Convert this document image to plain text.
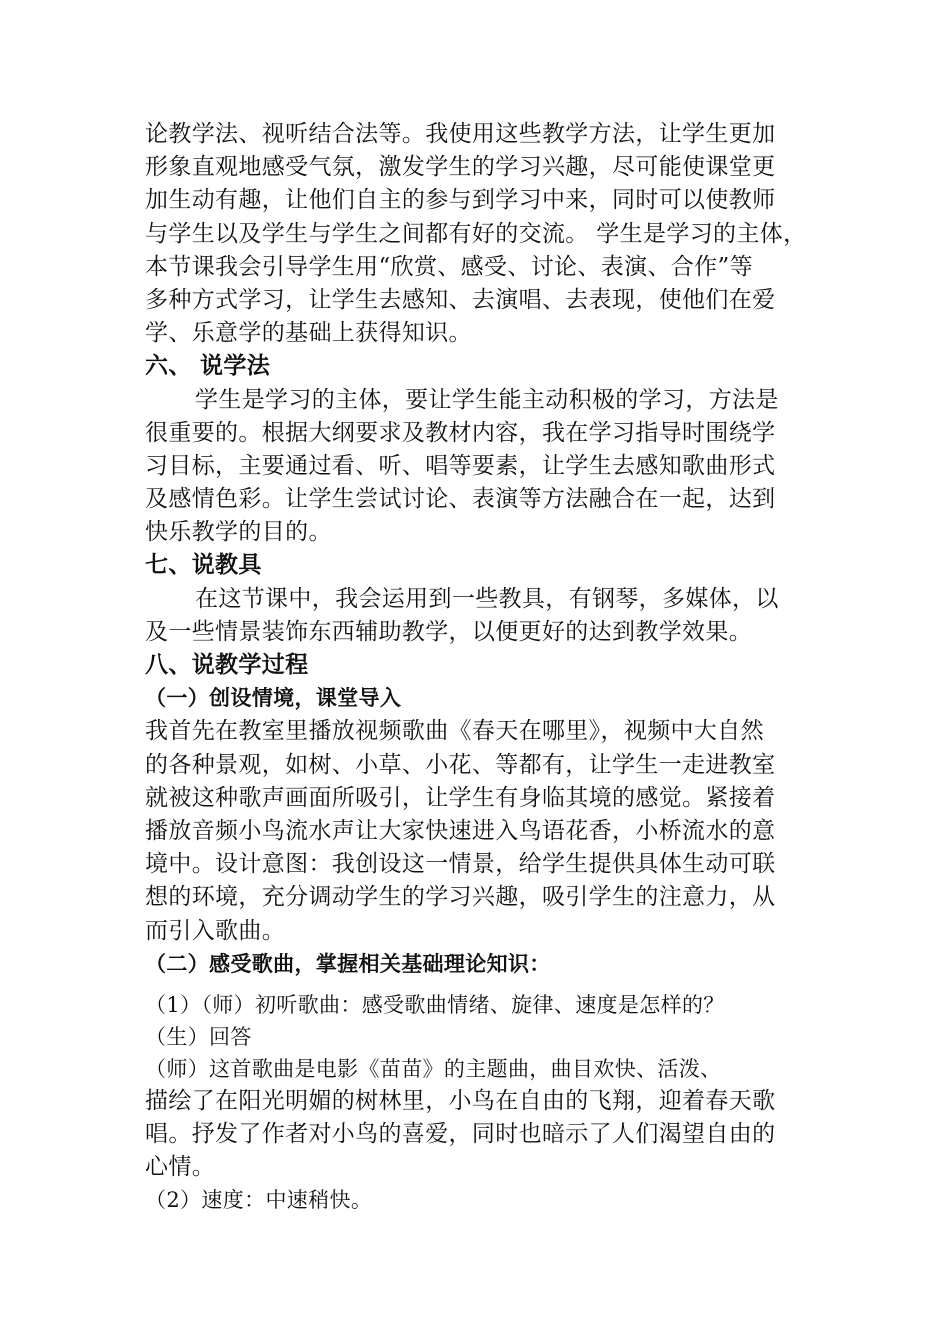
论教学法、视听结合法等。我使用这些教学方法，让学生更加
形象直观地感受气氛，激发学生的学习兴趣，尽可能使课堂更
加生动有趣，让他们自主的参与到学习中来，同时可以使教师
与学生以及学生与学生之间都有好的交流。 学生是学习的主体，
本节课我会引导学生用“欣赏、感受、讨论、表演、合作”等
多种方式学习，让学生去感知、去演唱、去表现，使他们在爱
学、乐意学的基础上获得知识。
六、 说学法
学生是学习的主体，要让学生能主动积极的学习，方法是
很重要的。根据大纲要求及教材内容，我在学习指导时围绕学
习目标，主要通过看、听、唱等要素，让学生去感知歌曲形式
及感情色彩。让学生尝试讨论、表演等方法融合在一起，达到
快乐教学的目的。
七、说教具
在这节课中，我会运用到一些教具，有钢琴，多媒体，以
及一些情景装饰东西辅助教学，以便更好的达到教学效果。
八、说教学过程
（一）创设情境，课堂导入
我首先在教室里播放视频歌曲《春天在哪里》，视频中大自然
的各种景观，如树、小草、小花、等都有，让学生一走进教室
就被这种歌声画面所吸引，让学生有身临其境的感觉。紧接着
播放音频小鸟流水声让大家快速进入鸟语花香，小桥流水的意
境中。设计意图：我创设这一情景，给学生提供具体生动可联
想的环境，充分调动学生的学习兴趣，吸引学生的注意力，从
而引入歌曲。
（二）感受歌曲，掌握相关基础理论知识：
（1）（师）初听歌曲：感受歌曲情绪、旋律、速度是怎样的？
（生）回答
（师）这首歌曲是电影《苗苗》的主题曲，曲目欢快、活泼、
描绘了在阳光明媚的树林里，小鸟在自由的飞翔，迎着春天歌
唱。抒发了作者对小鸟的喜爱，同时也暗示了人们渴望自由的
心情。
（2）速度：中速稍快。
